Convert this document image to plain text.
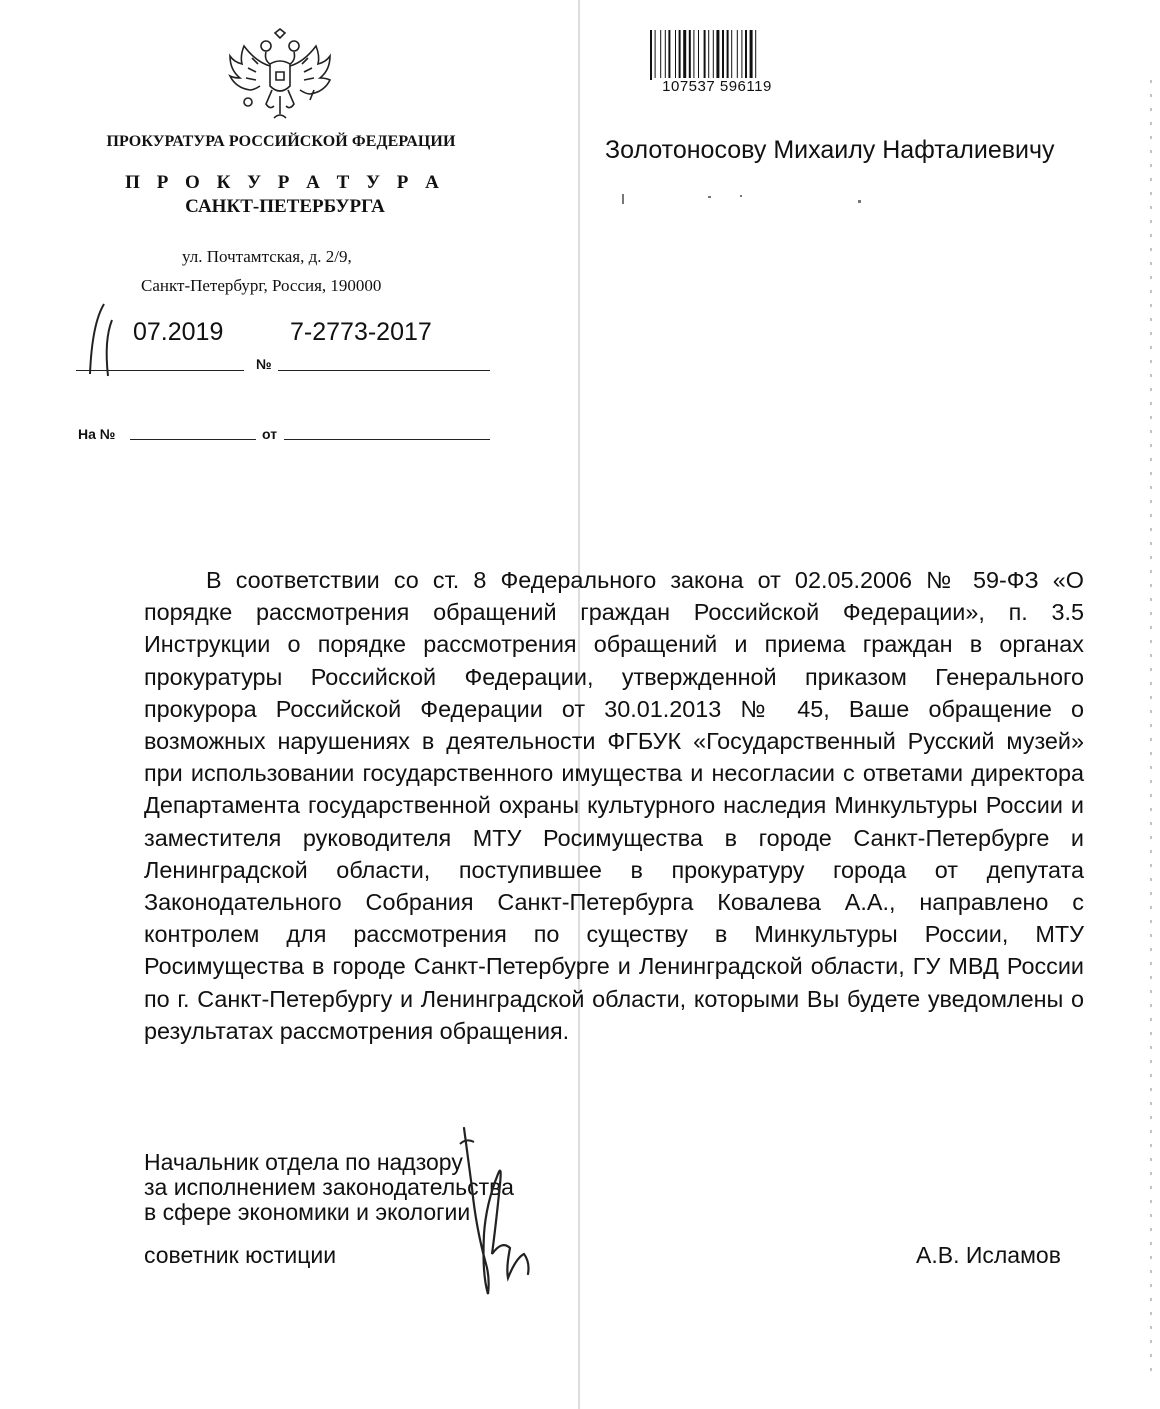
ПРОКУРАТУРА РОССИЙСКОЙ ФЕДЕРАЦИИ
П Р О К У Р А Т У Р А
САНКТ-ПЕТЕРБУРГА
ул. Почтамтская, д. 2/9,
Санкт-Петербург, Россия, 190000
07.2019	7-2773-2017
№
На №	от
107537 596119
Золотоносову Михаилу Нафталиевичу
В соответствии со ст. 8 Федерального закона от 02.05.2006 № 59-ФЗ «О порядке рассмотрения обращений граждан Российской Федерации», п. 3.5 Инструкции о порядке рассмотрения обращений и приема граждан в органах прокуратуры Российской Федерации, утвержденной приказом Генерального прокурора Российской Федерации от 30.01.2013 № 45, Ваше обращение о возможных нарушениях в деятельности ФГБУК «Государственный Русский музей» при использовании государственного имущества и несогласии с ответами директора Департамента государственной охраны культурного наследия Минкультуры России и заместителя руководителя МТУ Росимущества в городе Санкт-Петербурге и Ленинградской области, поступившее в прокуратуру города от депутата Законодательного Собрания Санкт-Петербурга Ковалева А.А., направлено с контролем для рассмотрения по существу в Минкультуры России, МТУ Росимущества в городе Санкт-Петербурге и Ленинградской области, ГУ МВД России по г. Санкт-Петербургу и Ленинградской области, которыми Вы будете уведомлены о результатах рассмотрения обращения.
Начальник отдела по надзору
за исполнением законодательства
в сфере экономики и экологии
советник юстиции	А.В. Исламов
